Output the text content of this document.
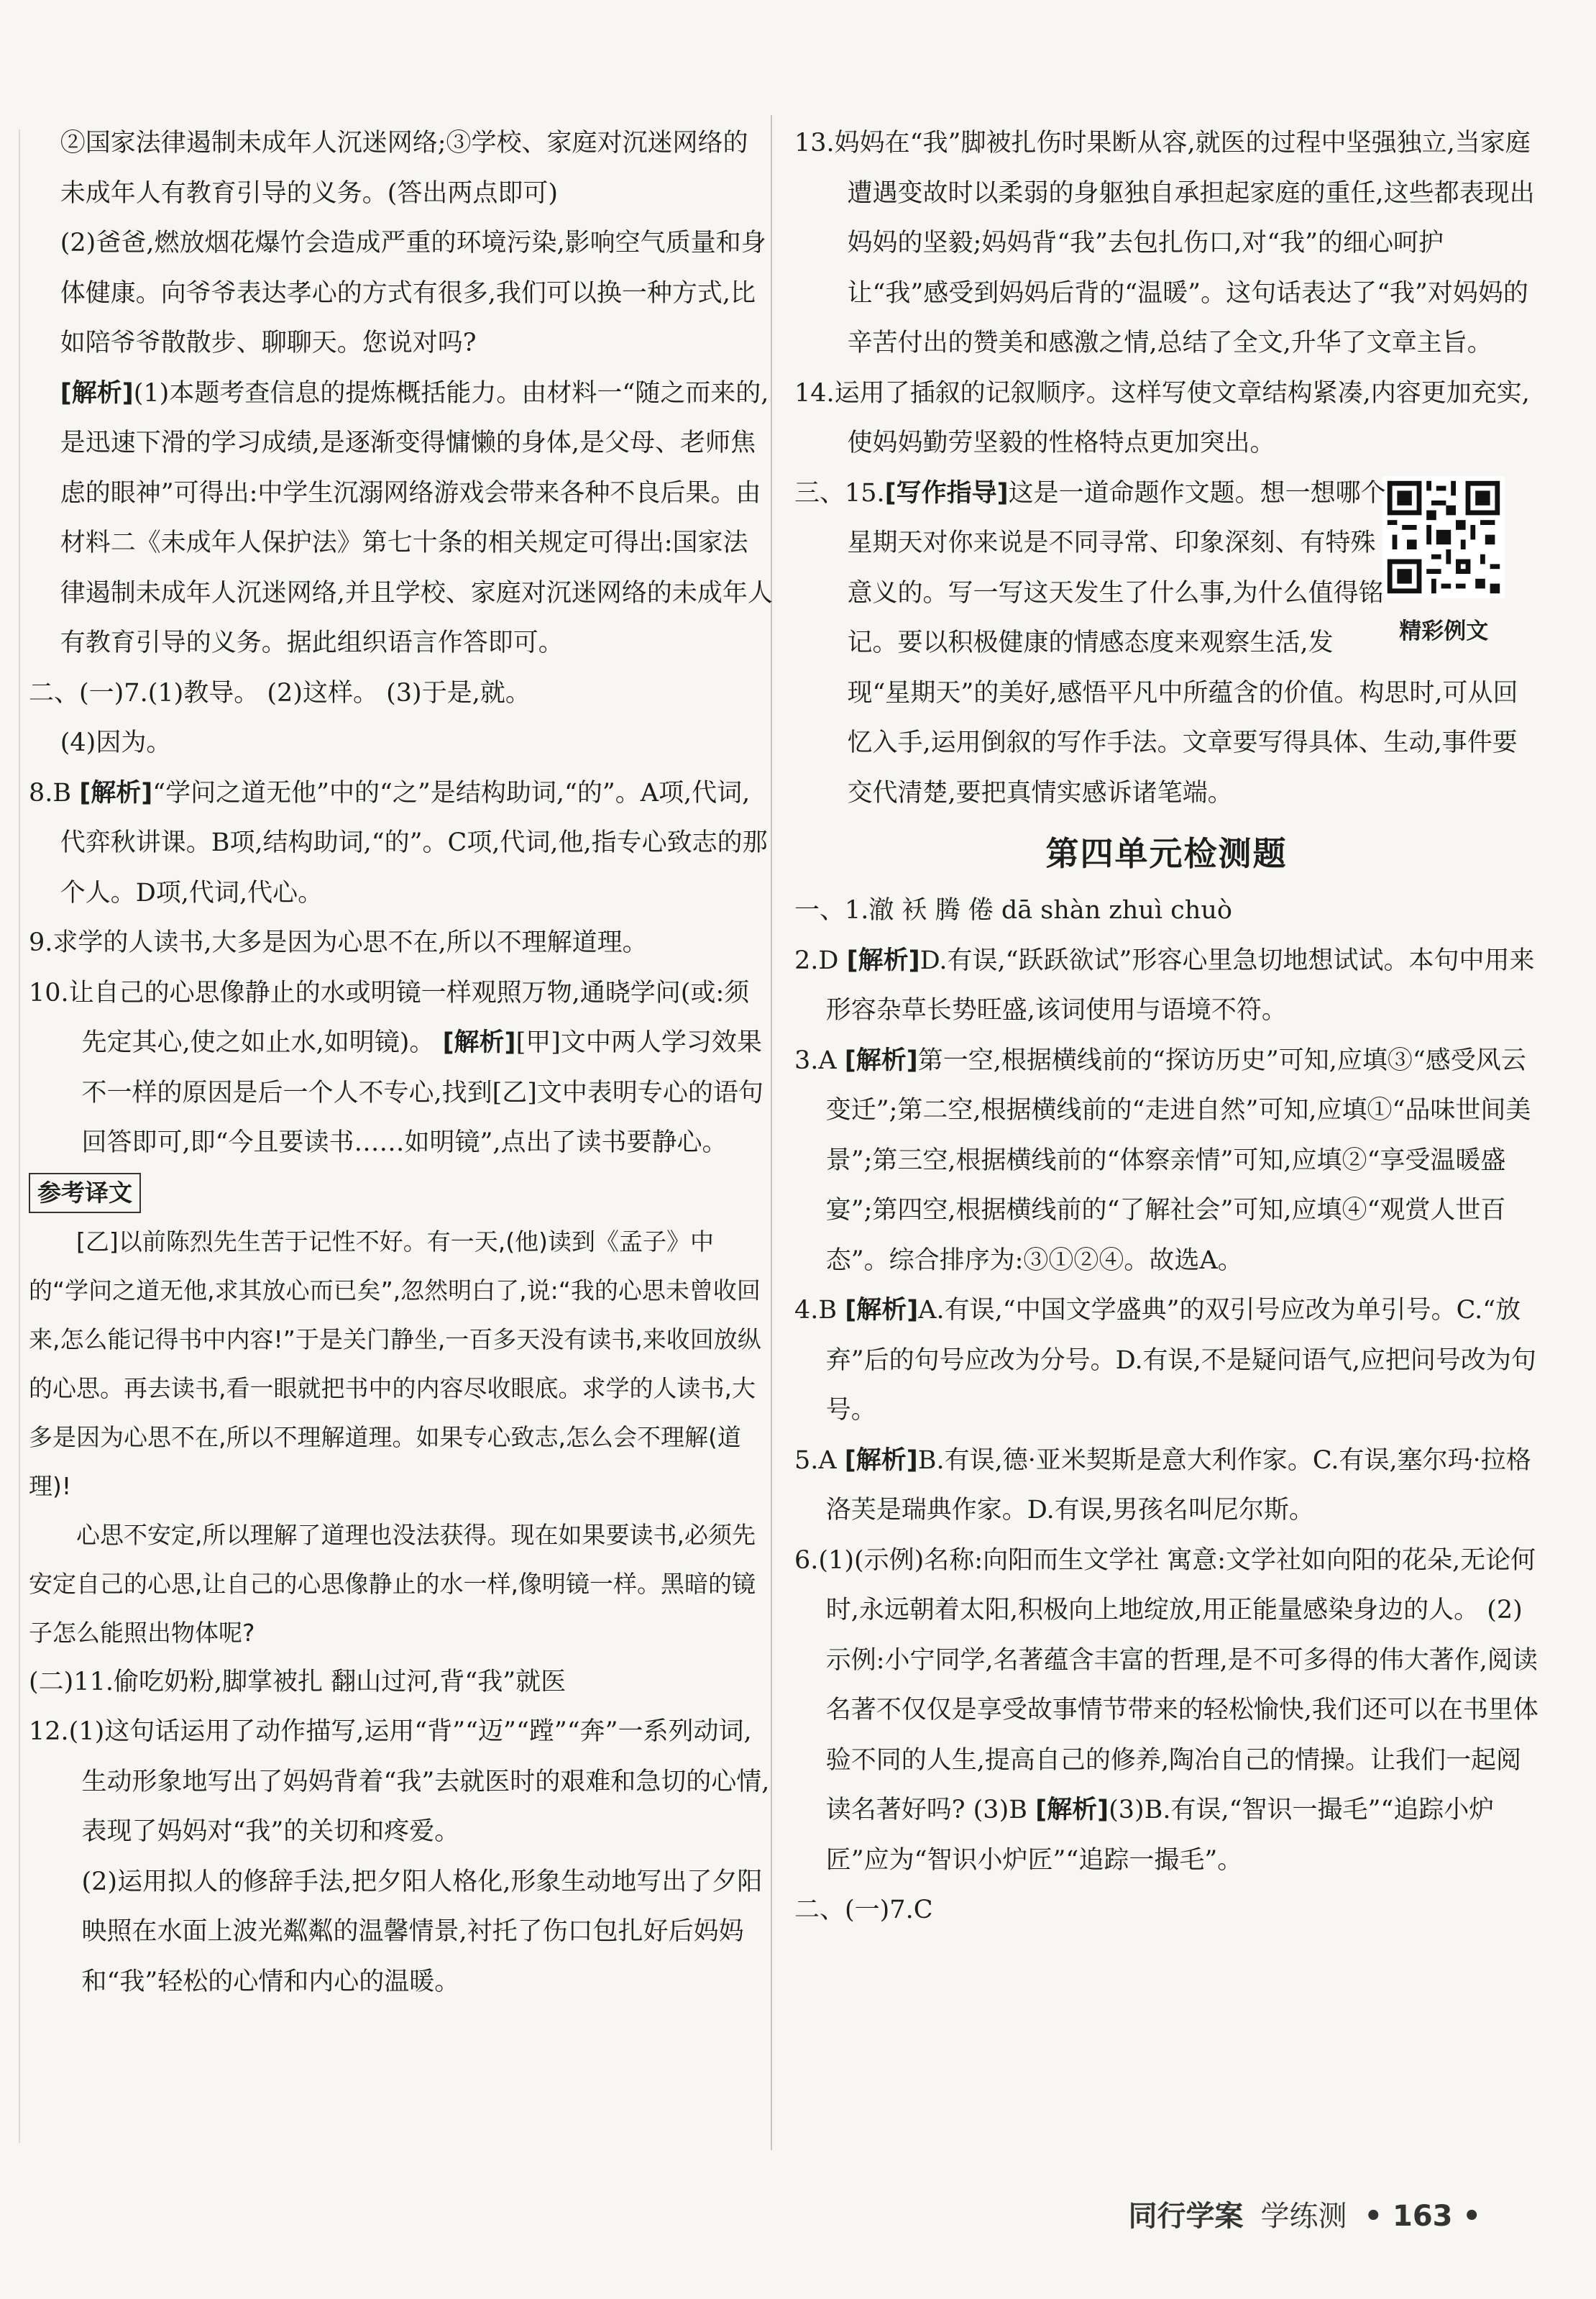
②国家法律遏制未成年人沉迷网络;③学校、家庭对沉迷网络的未成年人有教育引导的义务。(答出两点即可)

(2)爸爸,燃放烟花爆竹会造成严重的环境污染,影响空气质量和身体健康。向爷爷表达孝心的方式有很多,我们可以换一种方式,比如陪爷爷散散步、聊聊天。您说对吗?

[解析](1)本题考查信息的提炼概括能力。由材料一“随之而来的,是迅速下滑的学习成绩,是逐渐变得慵懒的身体,是父母、老师焦虑的眼神”可得出:中学生沉溺网络游戏会带来各种不良后果。由材料二《未成年人保护法》第七十条的相关规定可得出:国家法律遏制未成年人沉迷网络,并且学校、家庭对沉迷网络的未成年人有教育引导的义务。据此组织语言作答即可。

二、(一)7.(1)教导。 (2)这样。 (3)于是,就。

(4)因为。

8.B [解析]“学问之道无他”中的“之”是结构助词,“的”。A项,代词,代弈秋讲课。B项,结构助词,“的”。C项,代词,他,指专心致志的那个人。D项,代词,代心。

9.求学的人读书,大多是因为心思不在,所以不理解道理。

10.让自己的心思像静止的水或明镜一样观照万物,通晓学问(或:须先定其心,使之如止水,如明镜)。 [解析][甲]文中两人学习效果不一样的原因是后一个人不专心,找到[乙]文中表明专心的语句回答即可,即“今且要读书……如明镜”,点出了读书要静心。

参考译文

[乙]以前陈烈先生苦于记性不好。有一天,(他)读到《孟子》中的“学问之道无他,求其放心而已矣”,忽然明白了,说:“我的心思未曾收回来,怎么能记得书中内容!”于是关门静坐,一百多天没有读书,来收回放纵的心思。再去读书,看一眼就把书中的内容尽收眼底。求学的人读书,大多是因为心思不在,所以不理解道理。如果专心致志,怎么会不理解(道理)!

心思不安定,所以理解了道理也没法获得。现在如果要读书,必须先安定自己的心思,让自己的心思像静止的水一样,像明镜一样。黑暗的镜子怎么能照出物体呢?

(二)11.偷吃奶粉,脚掌被扎 翻山过河,背“我”就医

12.(1)这句话运用了动作描写,运用“背”“迈”“蹚”“奔”一系列动词,生动形象地写出了妈妈背着“我”去就医时的艰难和急切的心情,表现了妈妈对“我”的关切和疼爱。

(2)运用拟人的修辞手法,把夕阳人格化,形象生动地写出了夕阳映照在水面上波光粼粼的温馨情景,衬托了伤口包扎好后妈妈和“我”轻松的心情和内心的温暖。

13.妈妈在“我”脚被扎伤时果断从容,就医的过程中坚强独立,当家庭遭遇变故时以柔弱的身躯独自承担起家庭的重任,这些都表现出妈妈的坚毅;妈妈背“我”去包扎伤口,对“我”的细心呵护让“我”感受到妈妈后背的“温暖”。这句话表达了“我”对妈妈的辛苦付出的赞美和感激之情,总结了全文,升华了文章主旨。

14.运用了插叙的记叙顺序。这样写使文章结构紧凑,内容更加充实,使妈妈勤劳坚毅的性格特点更加突出。

精彩例文
三、15.[写作指导]这是一道命题作文题。想一想哪个星期天对你来说是不同寻常、印象深刻、有特殊意义的。写一写这天发生了什么事,为什么值得铭记。要以积极健康的情感态度来观察生活,发现“星期天”的美好,感悟平凡中所蕴含的价值。构思时,可从回忆入手,运用倒叙的写作手法。文章要写得具体、生动,事件要交代清楚,要把真情实感诉诸笔端。
第四单元检测题

一、1.澈 袄 腾 倦 dā shàn zhuì chuò

2.D [解析]D.有误,“跃跃欲试”形容心里急切地想试试。本句中用来形容杂草长势旺盛,该词使用与语境不符。

3.A [解析]第一空,根据横线前的“探访历史”可知,应填③“感受风云变迁”;第二空,根据横线前的“走进自然”可知,应填①“品味世间美景”;第三空,根据横线前的“体察亲情”可知,应填②“享受温暖盛宴”;第四空,根据横线前的“了解社会”可知,应填④“观赏人世百态”。综合排序为:③①②④。故选A。

4.B [解析]A.有误,“中国文学盛典”的双引号应改为单引号。C.“放弃”后的句号应改为分号。D.有误,不是疑问语气,应把问号改为句号。

5.A [解析]B.有误,德·亚米契斯是意大利作家。C.有误,塞尔玛·拉格洛芙是瑞典作家。D.有误,男孩名叫尼尔斯。

6.(1)(示例)名称:向阳而生文学社 寓意:文学社如向阳的花朵,无论何时,永远朝着太阳,积极向上地绽放,用正能量感染身边的人。 (2)示例:小宁同学,名著蕴含丰富的哲理,是不可多得的伟大著作,阅读名著不仅仅是享受故事情节带来的轻松愉快,我们还可以在书里体验不同的人生,提高自己的修养,陶冶自己的情操。让我们一起阅读名著好吗? (3)B [解析](3)B.有误,“智识一撮毛”“追踪小炉匠”应为“智识小炉匠”“追踪一撮毛”。

二、(一)7.C

同行学案 学练测 • 163 •
